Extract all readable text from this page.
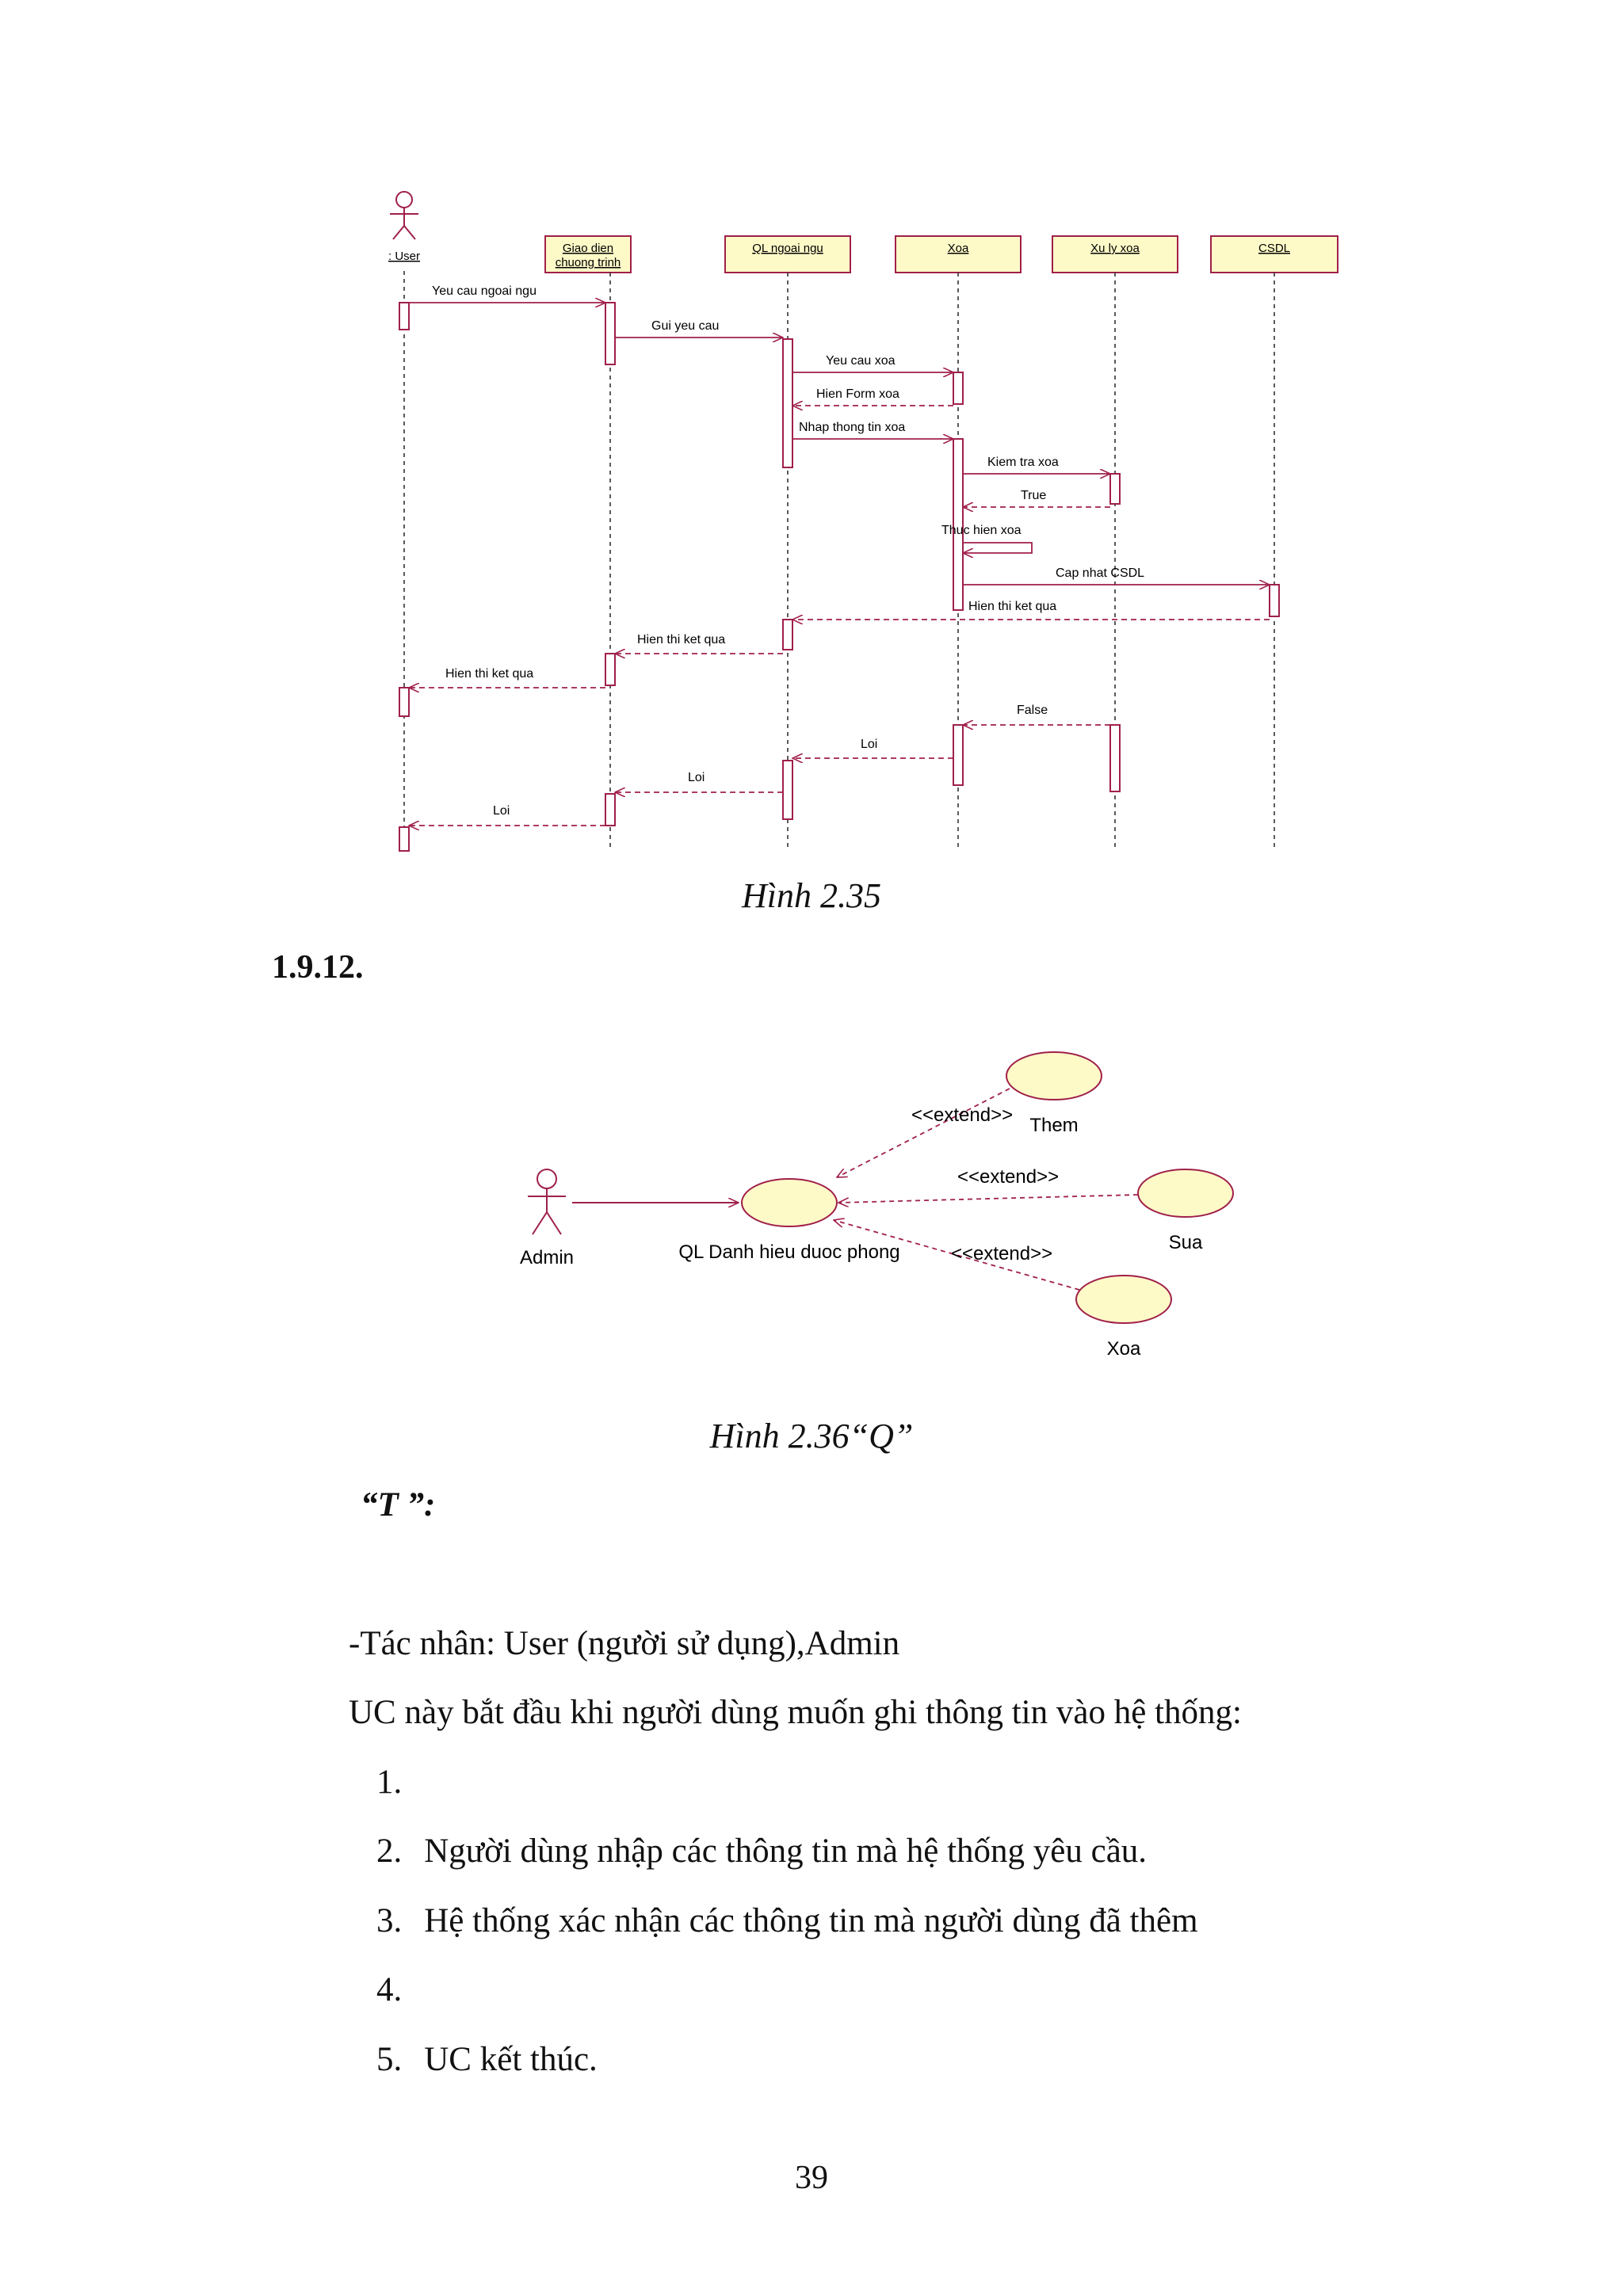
: User
Giao dien
chuong trinh
QL ngoai ngu	Xoa	Xu ly xoa	CSDL
Yeu cau ngoai ngu
Gui yeu cau
Yeu cau xoa
Hien Form xoa
Nhap thong tin xoa
Kiem tra xoa
True
Thuc hien xoa
Cap nhat CSDL
Hien thi ket qua
Hien thi ket qua
Hien thi ket qua
False
Loi
Loi
Loi
Hình 2.35
1.9.12.
Admin	QL Danh hieu duoc phong
Them
Sua
Xoa
<<extend>>
<<extend>>
<<extend>>
Hình 2.36“Q”
“T ”:
-Tác nhân: User (người sử dụng),Admin
UC này bắt đầu khi người dùng muốn ghi thông tin vào hệ thống:
1.
2. Người dùng nhập các thông tin mà hệ thống yêu cầu.
3. Hệ thống xác nhận các thông tin mà người dùng đã thêm
4.
5. UC kết thúc.
39
